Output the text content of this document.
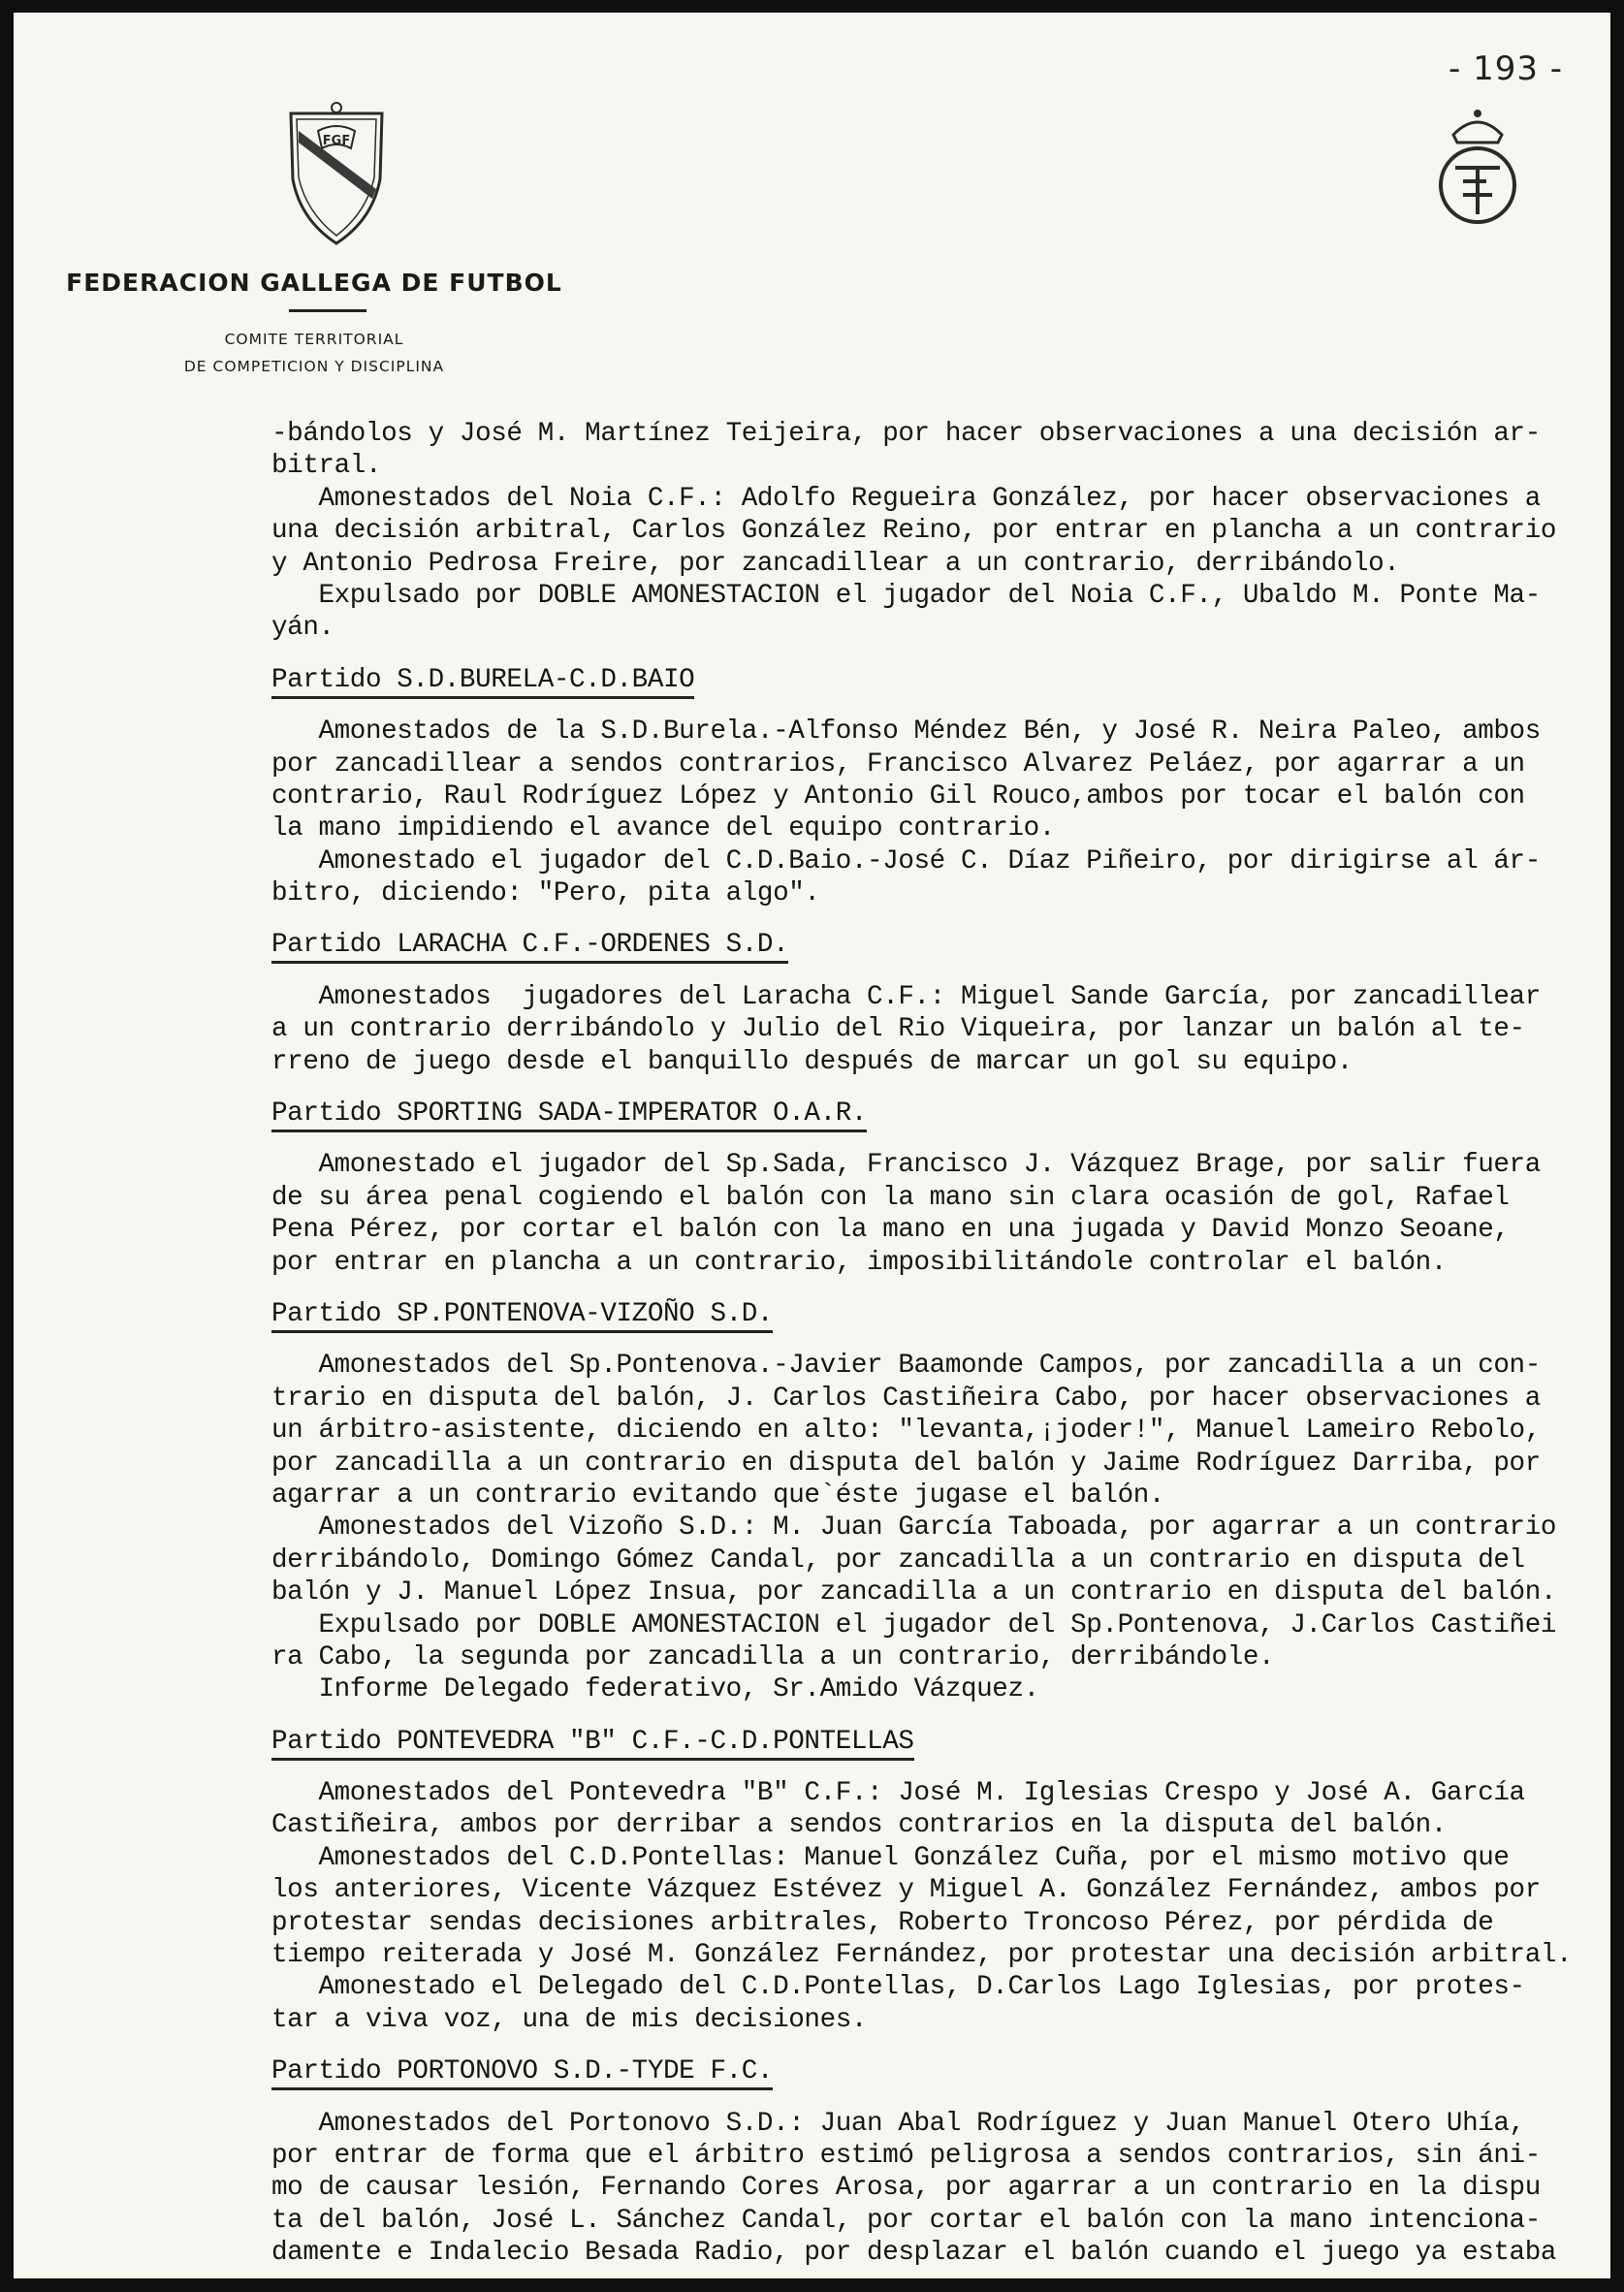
- 193 -
FGF
FEDERACION GALLEGA DE FUTBOL
COMITE TERRITORIAL
DE COMPETICION Y DISCIPLINA
-bándolos y José M. Martínez Teijeira, por hacer observaciones a una decisión ar-
bitral.
Amonestados del Noia C.F.: Adolfo Regueira González, por hacer observaciones a
una decisión arbitral, Carlos González Reino, por entrar en plancha a un contrario
y Antonio Pedrosa Freire, por zancadillear a un contrario, derribándolo.
Expulsado por DOBLE AMONESTACION el jugador del Noia C.F., Ubaldo M. Ponte Ma-
yán.
Partido S.D.BURELA-C.D.BAIO
Amonestados de la S.D.Burela.-Alfonso Méndez Bén, y José R. Neira Paleo, ambos
por zancadillear a sendos contrarios, Francisco Alvarez Peláez, por agarrar a un
contrario, Raul Rodríguez López y Antonio Gil Rouco,ambos por tocar el balón con
la mano impidiendo el avance del equipo contrario.
Amonestado el jugador del C.D.Baio.-José C. Díaz Piñeiro, por dirigirse al ár-
bitro, diciendo: "Pero, pita algo".
Partido LARACHA C.F.-ORDENES S.D.
Amonestados  jugadores del Laracha C.F.: Miguel Sande García, por zancadillear
a un contrario derribándolo y Julio del Rio Viqueira, por lanzar un balón al te-
rreno de juego desde el banquillo después de marcar un gol su equipo.
Partido SPORTING SADA-IMPERATOR O.A.R.
Amonestado el jugador del Sp.Sada, Francisco J. Vázquez Brage, por salir fuera
de su área penal cogiendo el balón con la mano sin clara ocasión de gol, Rafael
Pena Pérez, por cortar el balón con la mano en una jugada y David Monzo Seoane,
por entrar en plancha a un contrario, imposibilitándole controlar el balón.
Partido SP.PONTENOVA-VIZOÑO S.D.
Amonestados del Sp.Pontenova.-Javier Baamonde Campos, por zancadilla a un con-
trario en disputa del balón, J. Carlos Castiñeira Cabo, por hacer observaciones a
un árbitro-asistente, diciendo en alto: "levanta,¡joder!", Manuel Lameiro Rebolo,
por zancadilla a un contrario en disputa del balón y Jaime Rodríguez Darriba, por
agarrar a un contrario evitando que`éste jugase el balón.
Amonestados del Vizoño S.D.: M. Juan García Taboada, por agarrar a un contrario
derribándolo, Domingo Gómez Candal, por zancadilla a un contrario en disputa del
balón y J. Manuel López Insua, por zancadilla a un contrario en disputa del balón.
Expulsado por DOBLE AMONESTACION el jugador del Sp.Pontenova, J.Carlos Castiñei
ra Cabo, la segunda por zancadilla a un contrario, derribándole.
Informe Delegado federativo, Sr.Amido Vázquez.
Partido PONTEVEDRA "B" C.F.-C.D.PONTELLAS
Amonestados del Pontevedra "B" C.F.: José M. Iglesias Crespo y José A. García
Castiñeira, ambos por derribar a sendos contrarios en la disputa del balón.
Amonestados del C.D.Pontellas: Manuel González Cuña, por el mismo motivo que
los anteriores, Vicente Vázquez Estévez y Miguel A. González Fernández, ambos por
protestar sendas decisiones arbitrales, Roberto Troncoso Pérez, por pérdida de
tiempo reiterada y José M. González Fernández, por protestar una decisión arbitral.
Amonestado el Delegado del C.D.Pontellas, D.Carlos Lago Iglesias, por protes-
tar a viva voz, una de mis decisiones.
Partido PORTONOVO S.D.-TYDE F.C.
Amonestados del Portonovo S.D.: Juan Abal Rodríguez y Juan Manuel Otero Uhía,
por entrar de forma que el árbitro estimó peligrosa a sendos contrarios, sin áni-
mo de causar lesión, Fernando Cores Arosa, por agarrar a un contrario en la dispu
ta del balón, José L. Sánchez Candal, por cortar el balón con la mano intenciona-
damente e Indalecio Besada Radio, por desplazar el balón cuando el juego ya estaba
